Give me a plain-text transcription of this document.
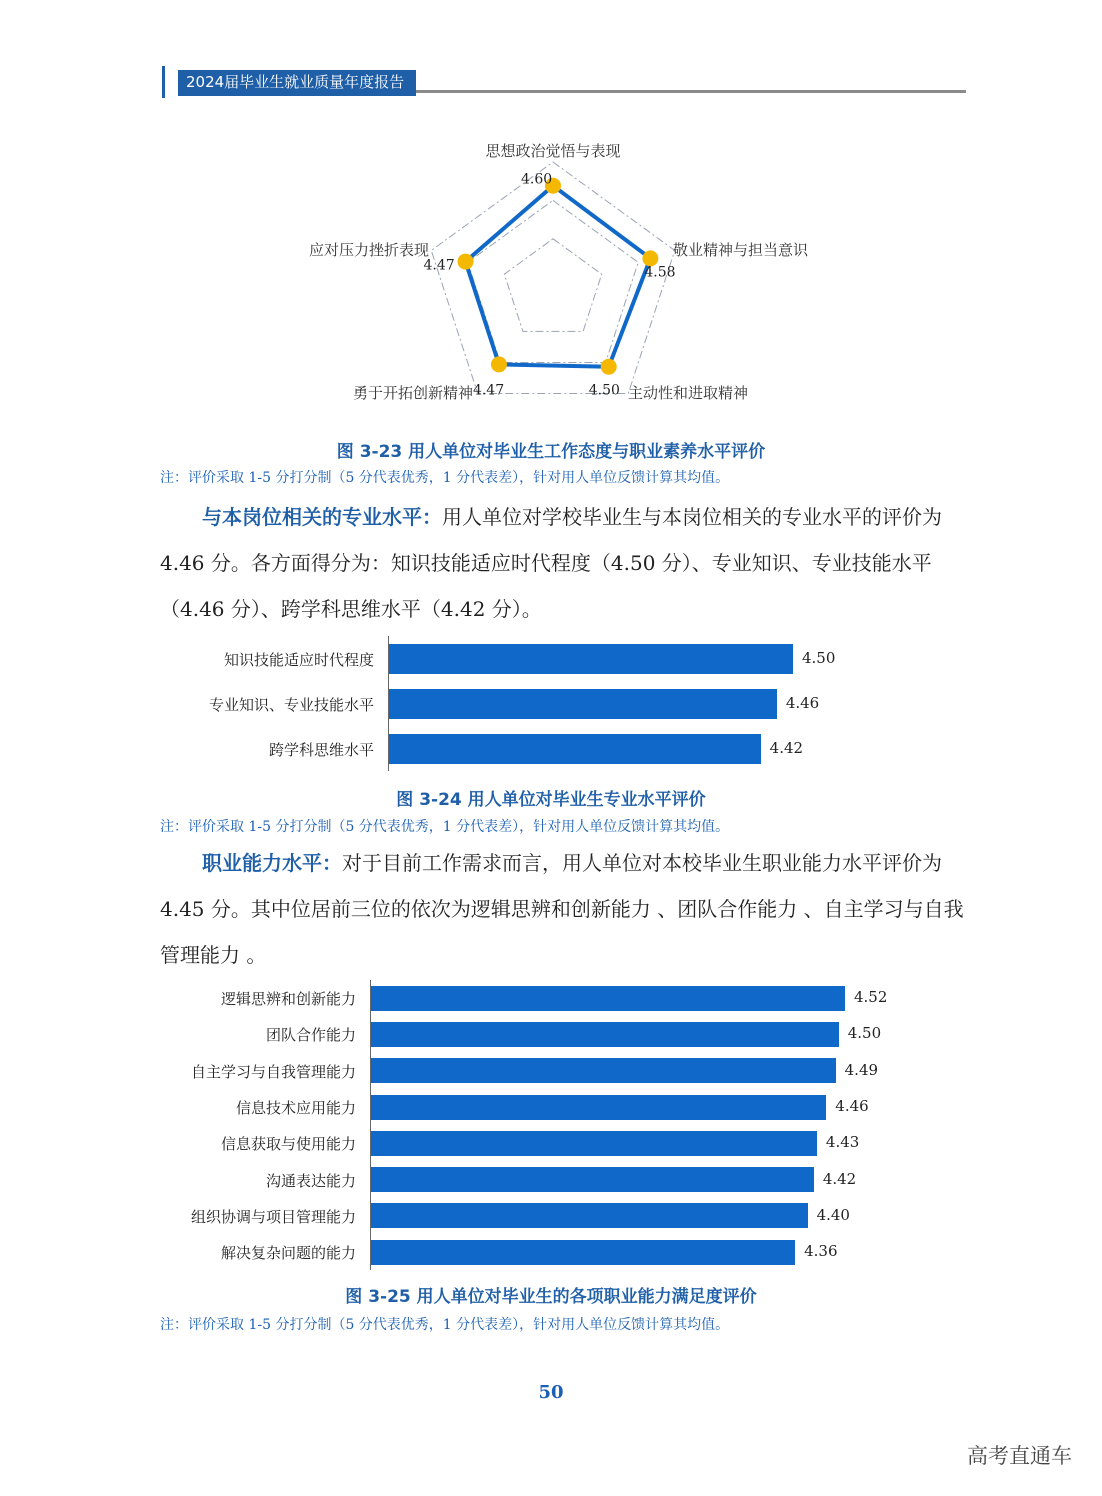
2024届毕业生就业质量年度报告
4.60
4.58
4.50
4.47
4.47
思想政治觉悟与表现
敬业精神与担当意识
主动性和进取精神
勇于开拓创新精神
应对压力挫折表现
图 3-23 用人单位对毕业生工作态度与职业素养水平评价
注：评价采取 1-5 分打分制（5 分代表优秀，1 分代表差），针对用人单位反馈计算其均值。
与本岗位相关的专业水平：用人单位对学校毕业生与本岗位相关的专业水平的评价为 4.46 分。各方面得分为：知识技能适应时代程度（4.50 分）、专业知识、专业技能水平（4.46 分）、跨学科思维水平（4.42 分）。
知识技能适应时代程度	4.50
专业知识、专业技能水平	4.46
跨学科思维水平	4.42
图 3-24 用人单位对毕业生专业水平评价
注：评价采取 1-5 分打分制（5 分代表优秀，1 分代表差），针对用人单位反馈计算其均值。
职业能力水平：对于目前工作需求而言，用人单位对本校毕业生职业能力水平评价为 4.45 分。其中位居前三位的依次为逻辑思辨和创新能力 、团队合作能力 、自主学习与自我管理能力 。
逻辑思辨和创新能力	4.52
团队合作能力	4.50
自主学习与自我管理能力	4.49
信息技术应用能力	4.46
信息获取与使用能力	4.43
沟通表达能力	4.42
组织协调与项目管理能力	4.40
解决复杂问题的能力	4.36
图 3-25 用人单位对毕业生的各项职业能力满足度评价
注：评价采取 1-5 分打分制（5 分代表优秀，1 分代表差），针对用人单位反馈计算其均值。
50
高考直通车
